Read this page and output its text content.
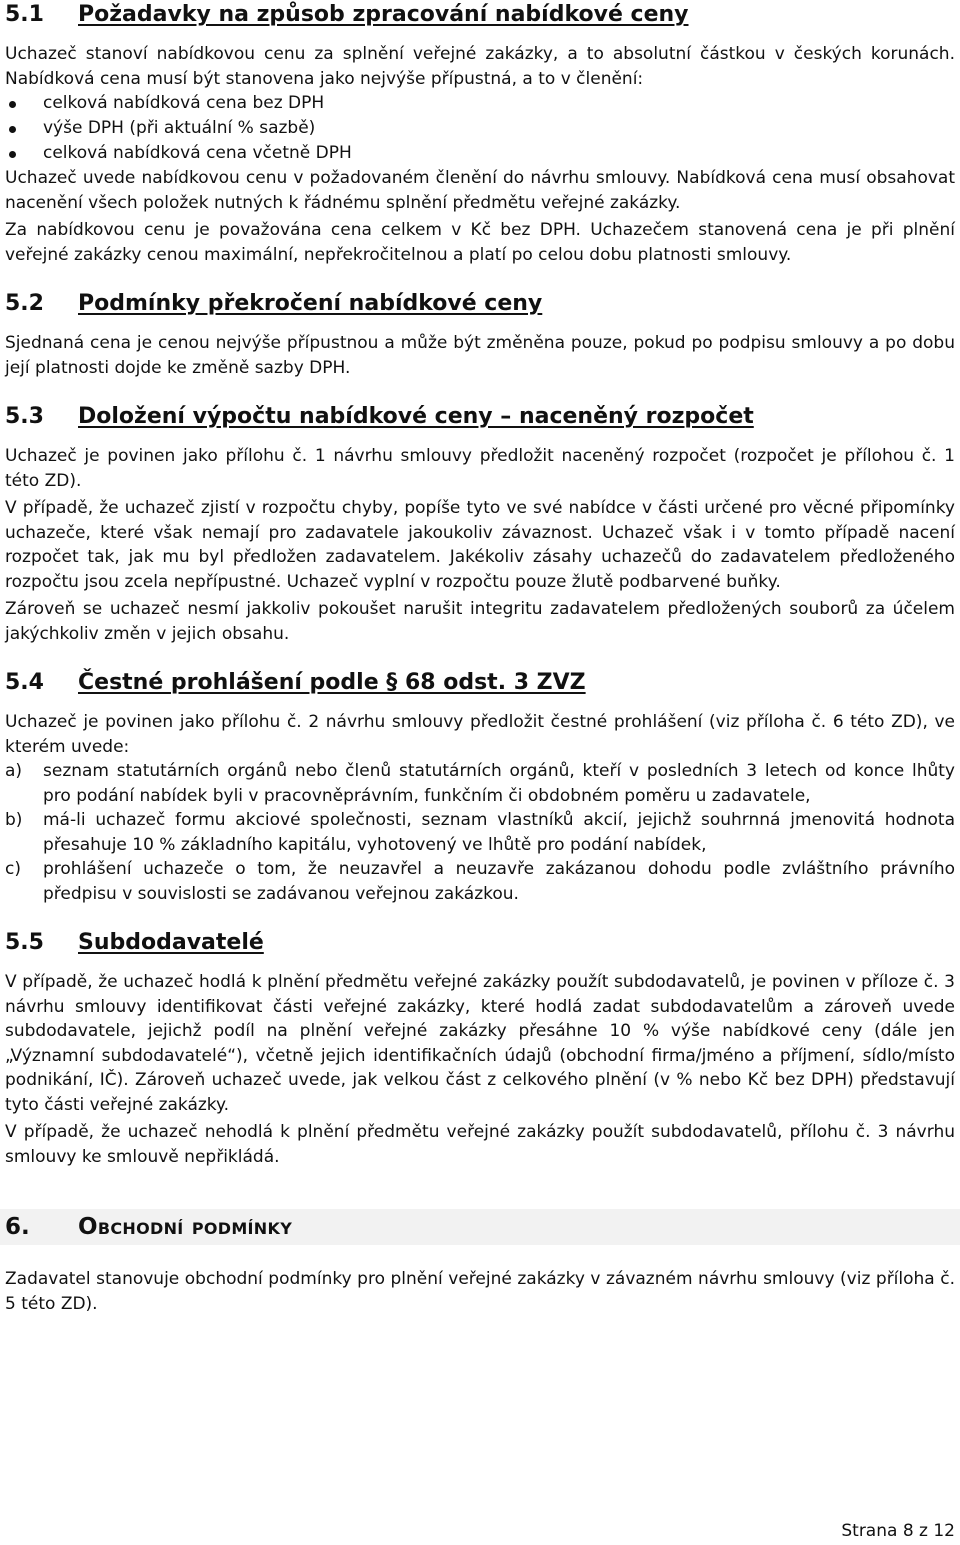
5.1	Požadavky na způsob zpracování nabídkové ceny

Uchazeč stanoví nabídkovou cenu za splnění veřejné zakázky, a to absolutní částkou v českých korunách. Nabídková cena musí být stanovena jako nejvýše přípustná, a to v členění:

celková nabídková cena bez DPH
výše DPH (při aktuální % sazbě)
celková nabídková cena včetně DPH

Uchazeč uvede nabídkovou cenu v požadovaném členění do návrhu smlouvy. Nabídková cena musí obsahovat nacenění všech položek nutných k řádnému splnění předmětu veřejné zakázky.

Za nabídkovou cenu je považována cena celkem v Kč bez DPH. Uchazečem stanovená cena je při plnění veřejné zakázky cenou maximální, nepřekročitelnou a platí po celou dobu platnosti smlouvy.

5.2	Podmínky překročení nabídkové ceny

Sjednaná cena je cenou nejvýše přípustnou a může být změněna pouze, pokud po podpisu smlouvy a po dobu její platnosti dojde ke změně sazby DPH.

5.3	Doložení výpočtu nabídkové ceny – naceněný rozpočet

Uchazeč je povinen jako přílohu č. 1 návrhu smlouvy předložit naceněný rozpočet (rozpočet je přílohou č. 1 této ZD).

V případě, že uchazeč zjistí v rozpočtu chyby, popíše tyto ve své nabídce v části určené pro věcné připomínky uchazeče, které však nemají pro zadavatele jakoukoliv závaznost. Uchazeč však i v tomto případě nacení rozpočet tak, jak mu byl předložen zadavatelem. Jakékoliv zásahy uchazečů do zadavatelem předloženého rozpočtu jsou zcela nepřípustné. Uchazeč vyplní v rozpočtu pouze žlutě podbarvené buňky.

Zároveň se uchazeč nesmí jakkoliv pokoušet narušit integritu zadavatelem předložených souborů za účelem jakýchkoliv změn v jejich obsahu.

5.4	Čestné prohlášení podle § 68 odst. 3 ZVZ

Uchazeč je povinen jako přílohu č. 2 návrhu smlouvy předložit čestné prohlášení (viz příloha č. 6 této ZD), ve kterém uvede:

a) seznam statutárních orgánů nebo členů statutárních orgánů, kteří v posledních 3 letech od konce lhůty pro podání nabídek byli v pracovněprávním, funkčním či obdobném poměru u zadavatele,
b) má-li uchazeč formu akciové společnosti, seznam vlastníků akcií, jejichž souhrnná jmenovitá hodnota přesahuje 10 % základního kapitálu, vyhotovený ve lhůtě pro podání nabídek,
c) prohlášení uchazeče o tom, že neuzavřel a neuzavře zakázanou dohodu podle zvláštního právního předpisu v souvislosti se zadávanou veřejnou zakázkou.
5.5	Subdodavatelé

V případě, že uchazeč hodlá k plnění předmětu veřejné zakázky použít subdodavatelů, je povinen v příloze č. 3 návrhu smlouvy identifikovat části veřejné zakázky, které hodlá zadat subdodavatelům a zároveň uvede subdodavatele, jejichž podíl na plnění veřejné zakázky přesáhne 10 % výše nabídkové ceny (dále jen „Významní subdodavatelé“), včetně jejich identifikačních údajů (obchodní firma/jméno a příjmení, sídlo/místo podnikání, IČ). Zároveň uchazeč uvede, jak velkou část z celkového plnění (v % nebo Kč bez DPH) představují tyto části veřejné zakázky.

V případě, že uchazeč nehodlá k plnění předmětu veřejné zakázky použít subdodavatelů, přílohu č. 3 návrhu smlouvy ke smlouvě nepřikládá.

6.	Obchodní podmínky

Zadavatel stanovuje obchodní podmínky pro plnění veřejné zakázky v závazném návrhu smlouvy (viz příloha č. 5 této ZD).

Strana 8 z 12
